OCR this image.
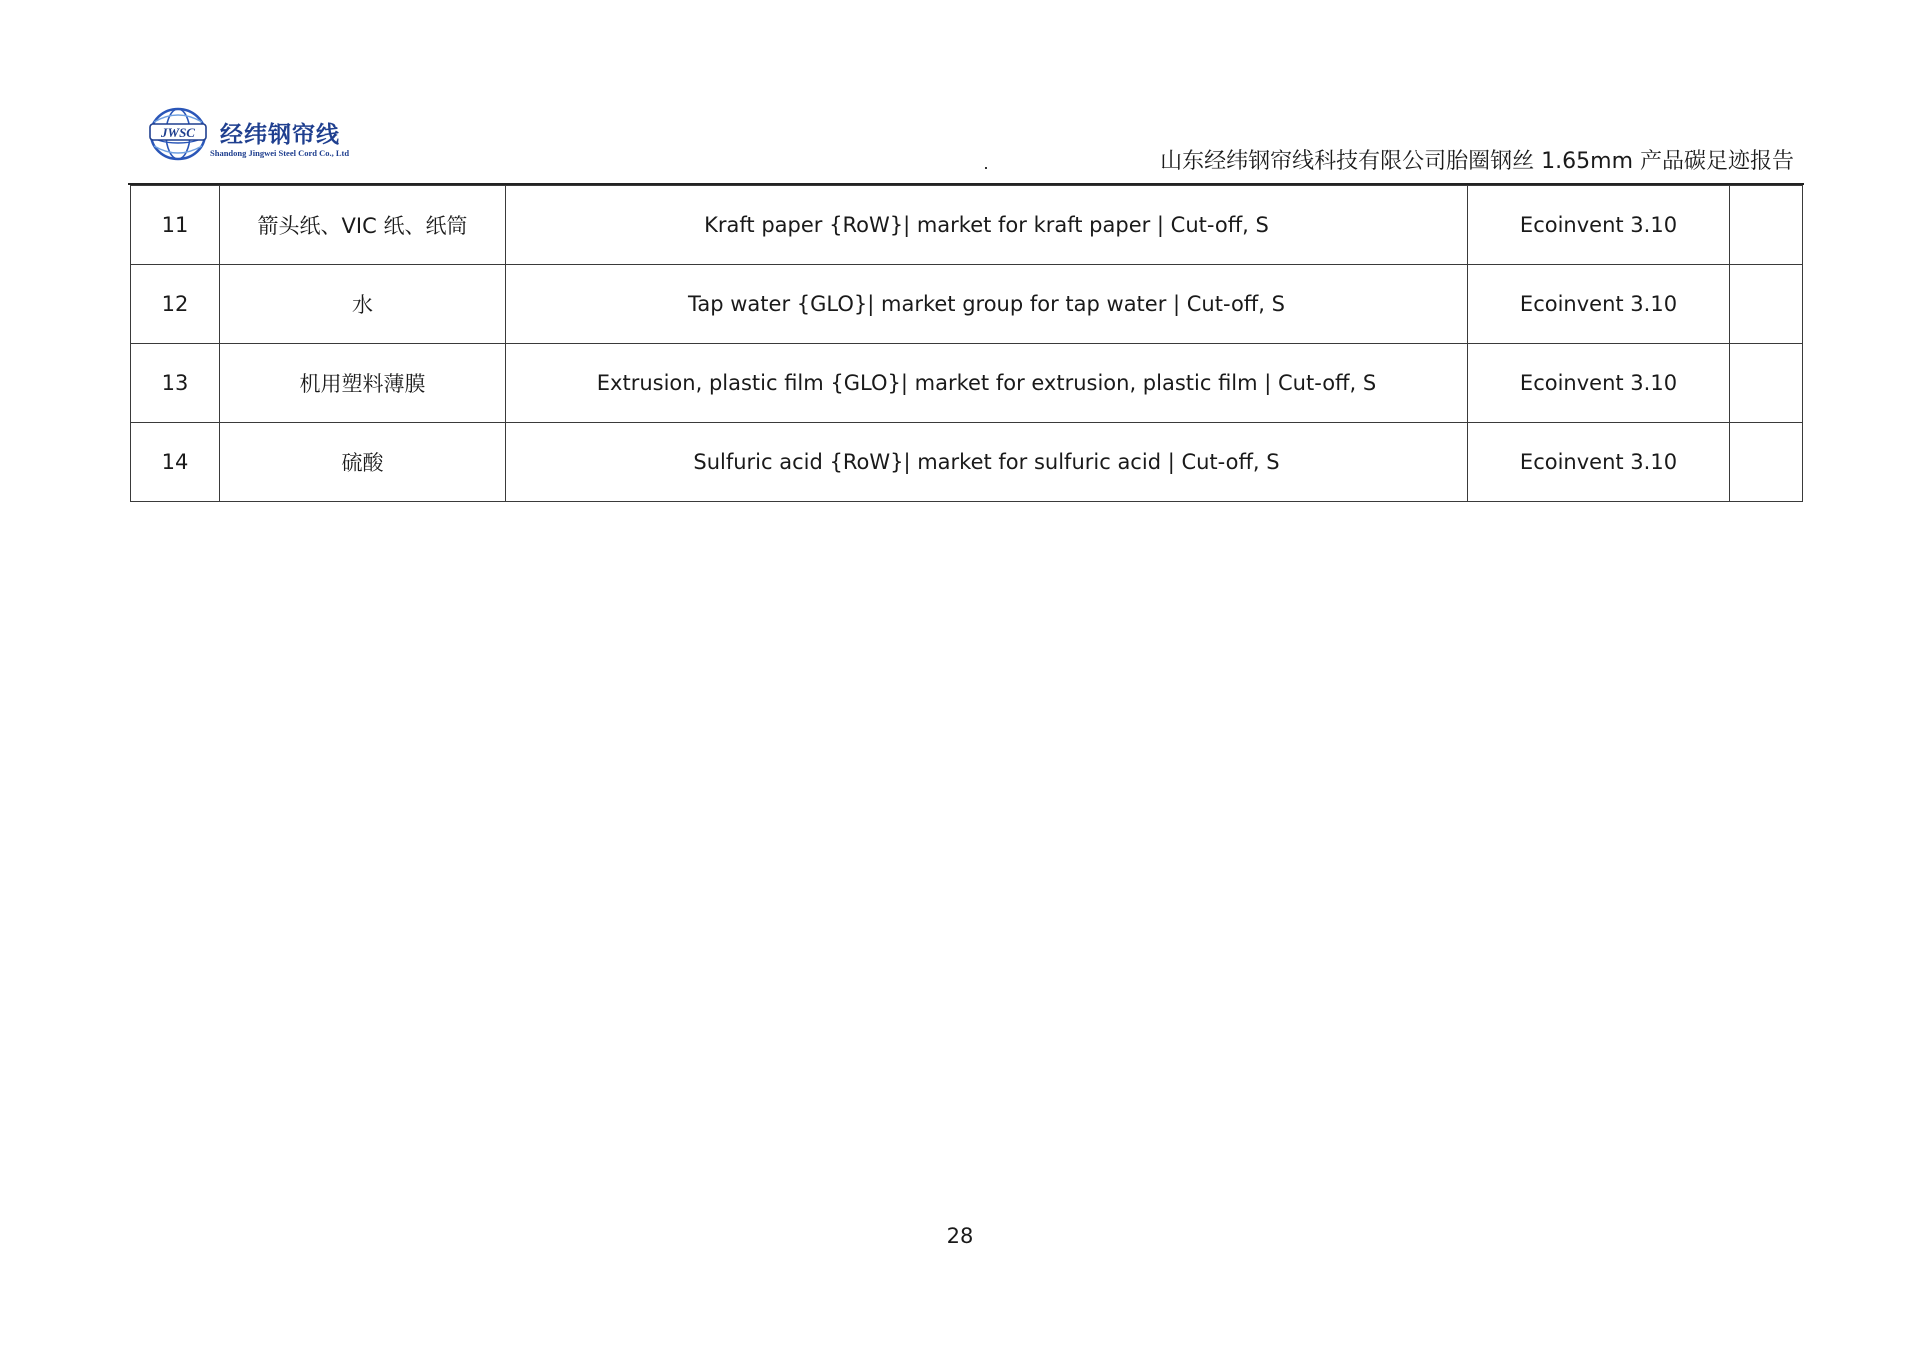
JWSC 经纬钢帘线
Shandong Jingwei Steel Cord Co., Ltd	山东经纬钢帘线科技有限公司胎圈钢丝 1.65mm 产品碳足迹报告
11	箭头纸、VIC 纸、纸筒	Kraft paper {RoW}| market for kraft paper | Cut-off, S	Ecoinvent 3.10	
12	水	Tap water {GLO}| market group for tap water | Cut-off, S	Ecoinvent 3.10	
13	机用塑料薄膜	Extrusion, plastic film {GLO}| market for extrusion, plastic film | Cut-off, S	Ecoinvent 3.10	
14	硫酸	Sulfuric acid {RoW}| market for sulfuric acid | Cut-off, S	Ecoinvent 3.10	
28
